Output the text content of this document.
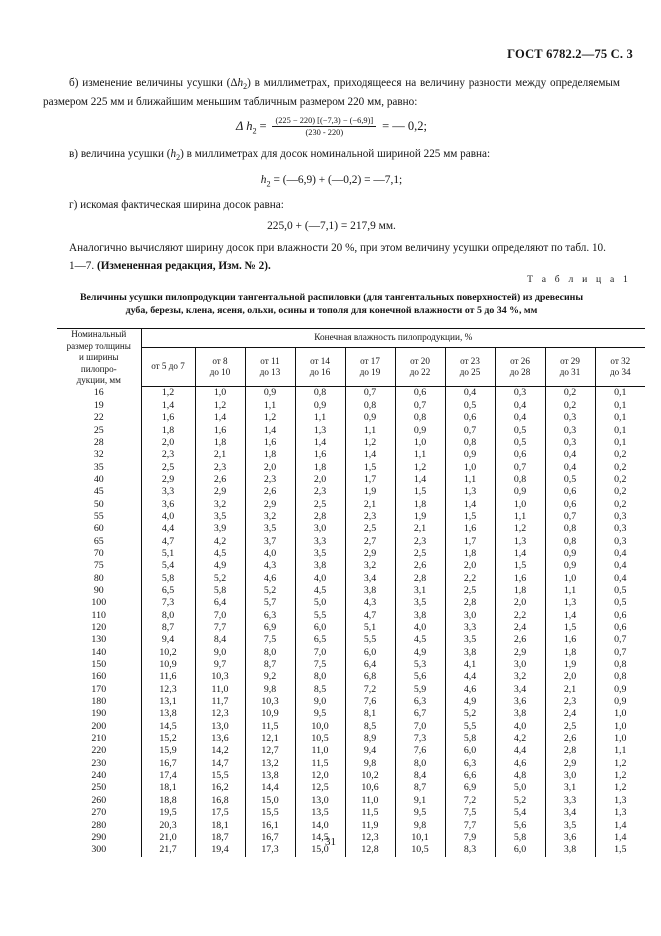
ГОСТ 6782.2—75 С. 3

б) изменение величины усушки $(\Delta h_2)$ в миллиметрах, приходящееся на величину разности между определяемым размером 225 мм и ближайшим меньшим табличным размером 220 мм, равно:

Δ $h_2 = \frac{(225 - 220) [(-7,3) - (-6,9)]}{(230 - 220)}$ = — 0,2;

в) величина усушки $(h_2)$ в миллиметрах для досок номинальной шириной 225 мм равна:

$h_2$ = (—6,9) + (—0,2) = —7,1;

г) искомая фактическая ширина досок равна:

225,0 + (—7,1) = 217,9 мм.

Аналогично вычисляют ширину досок при влажности 20 %, при этом величину усушки определяют по табл. 10.

1—7. (Измененная редакция, Изм. № 2).

Т а б л и ц а 1
Величины усушки пилопродукции тангентальной распиловки (для тангентальных поверхностей) из древесины
дуба, березы, клена, ясеня, ольхи, осины и тополя для конечной влажности от 5 до 34 %, мм
Номинальный
размер толщины
и ширины
пилопро-
дукции, мм	Конечная влажность пилопродукции, %									
	от 5 до 7	от 8
до 10	от 11
до 13	от 14
до 16	от 17
до 19	от 20
до 22	от 23
до 25	от 26
до 28	от 29
до 31	от 32
до 34
16	1,2	1,0	0,9	0,8	0,7	0,6	0,4	0,3	0,2	0,1
19	1,4	1,2	1,1	0,9	0,8	0,7	0,5	0,4	0,2	0,1
22	1,6	1,4	1,2	1,1	0,9	0,8	0,6	0,4	0,3	0,1
25	1,8	1,6	1,4	1,3	1,1	0,9	0,7	0,5	0,3	0,1
28	2,0	1,8	1,6	1,4	1,2	1,0	0,8	0,5	0,3	0,1
32	2,3	2,1	1,8	1,6	1,4	1,1	0,9	0,6	0,4	0,2
35	2,5	2,3	2,0	1,8	1,5	1,2	1,0	0,7	0,4	0,2
40	2,9	2,6	2,3	2,0	1,7	1,4	1,1	0,8	0,5	0,2
45	3,3	2,9	2,6	2,3	1,9	1,5	1,3	0,9	0,6	0,2
50	3,6	3,2	2,9	2,5	2,1	1,8	1,4	1,0	0,6	0,2
55	4,0	3,5	3,2	2,8	2,3	1,9	1,5	1,1	0,7	0,3
60	4,4	3,9	3,5	3,0	2,5	2,1	1,6	1,2	0,8	0,3
65	4,7	4,2	3,7	3,3	2,7	2,3	1,7	1,3	0,8	0,3
70	5,1	4,5	4,0	3,5	2,9	2,5	1,8	1,4	0,9	0,4
75	5,4	4,9	4,3	3,8	3,2	2,6	2,0	1,5	0,9	0,4
80	5,8	5,2	4,6	4,0	3,4	2,8	2,2	1,6	1,0	0,4
90	6,5	5,8	5,2	4,5	3,8	3,1	2,5	1,8	1,1	0,5
100	7,3	6,4	5,7	5,0	4,3	3,5	2,8	2,0	1,3	0,5
110	8,0	7,0	6,3	5,5	4,7	3,8	3,0	2,2	1,4	0,6
120	8,7	7,7	6,9	6,0	5,1	4,0	3,3	2,4	1,5	0,6
130	9,4	8,4	7,5	6,5	5,5	4,5	3,5	2,6	1,6	0,7
140	10,2	9,0	8,0	7,0	6,0	4,9	3,8	2,9	1,8	0,7
150	10,9	9,7	8,7	7,5	6,4	5,3	4,1	3,0	1,9	0,8
160	11,6	10,3	9,2	8,0	6,8	5,6	4,4	3,2	2,0	0,8
170	12,3	11,0	9,8	8,5	7,2	5,9	4,6	3,4	2,1	0,9
180	13,1	11,7	10,3	9,0	7,6	6,3	4,9	3,6	2,3	0,9
190	13,8	12,3	10,9	9,5	8,1	6,7	5,2	3,8	2,4	1,0
200	14,5	13,0	11,5	10,0	8,5	7,0	5,5	4,0	2,5	1,0
210	15,2	13,6	12,1	10,5	8,9	7,3	5,8	4,2	2,6	1,0
220	15,9	14,2	12,7	11,0	9,4	7,6	6,0	4,4	2,8	1,1
230	16,7	14,7	13,2	11,5	9,8	8,0	6,3	4,6	2,9	1,2
240	17,4	15,5	13,8	12,0	10,2	8,4	6,6	4,8	3,0	1,2
250	18,1	16,2	14,4	12,5	10,6	8,7	6,9	5,0	3,1	1,2
260	18,8	16,8	15,0	13,0	11,0	9,1	7,2	5,2	3,3	1,3
270	19,5	17,5	15,5	13,5	11,5	9,5	7,5	5,4	3,4	1,3
280	20,3	18,1	16,1	14,0	11,9	9,8	7,7	5,6	3,5	1,4
290	21,0	18,7	16,7	14,5	12,3	10,1	7,9	5,8	3,6	1,4
300	21,7	19,4	17,3	15,0	12,8	10,5	8,3	6,0	3,8	1,5
31
